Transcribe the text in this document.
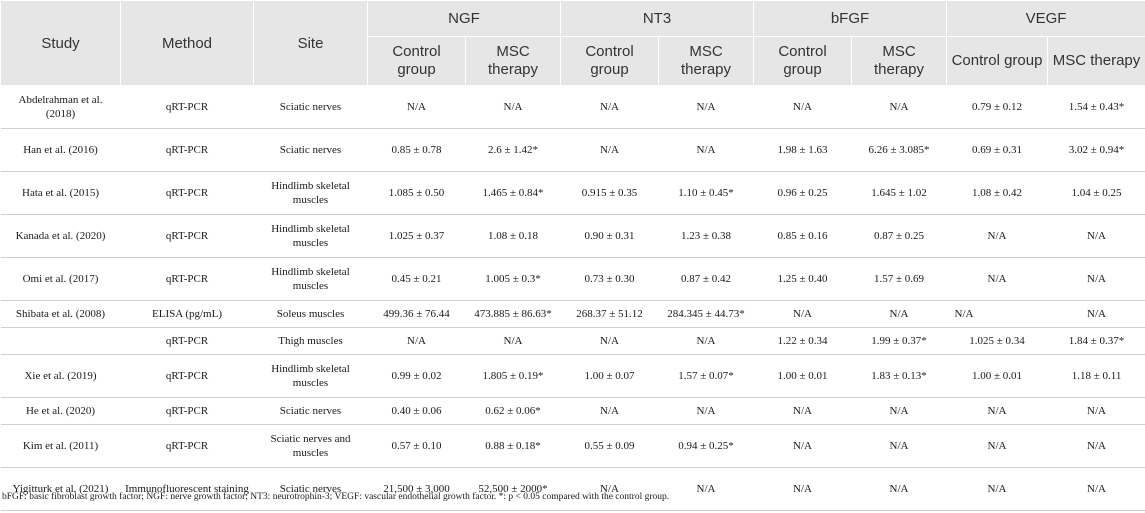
Study	Method	Site	NGF		NT3		bFGF		VEGF	
			Control group	MSC therapy	Control group	MSC therapy	Control group	MSC therapy	Control group	MSC therapy
Abdelrahman et al. (2018)	qRT-PCR	Sciatic nerves	N/A	N/A	N/A	N/A	N/A	N/A	0.79 ± 0.12	1.54 ± 0.43*
Han et al. (2016)	qRT-PCR	Sciatic nerves	0.85 ± 0.78	2.6 ± 1.42*	N/A	N/A	1.98 ± 1.63	6.26 ± 3.085*	0.69 ± 0.31	3.02 ± 0.94*
Hata et al. (2015)	qRT-PCR	Hindlimb skeletal muscles	1.085 ± 0.50	1.465 ± 0.84*	0.915 ± 0.35	1.10 ± 0.45*	0.96 ± 0.25	1.645 ± 1.02	1.08 ± 0.42	1.04 ± 0.25
Kanada et al. (2020)	qRT-PCR	Hindlimb skeletal muscles	1.025 ± 0.37	1.08 ± 0.18	0.90 ± 0.31	1.23 ± 0.38	0.85 ± 0.16	0.87 ± 0.25	N/A	N/A
Omi et al. (2017)	qRT-PCR	Hindlimb skeletal muscles	0.45 ± 0.21	1.005 ± 0.3*	0.73 ± 0.30	0.87 ± 0.42	1.25 ± 0.40	1.57 ± 0.69	N/A	N/A
Shibata et al. (2008)	ELISA (pg/mL)	Soleus muscles	499.36 ± 76.44	473.885 ± 86.63*	268.37 ± 51.12	284.345 ± 44.73*	N/A	N/A	N/A	N/A
	qRT-PCR	Thigh muscles	N/A	N/A	N/A	N/A	1.22 ± 0.34	1.99 ± 0.37*	1.025 ± 0.34	1.84 ± 0.37*
Xie et al. (2019)	qRT-PCR	Hindlimb skeletal muscles	0.99 ± 0.02	1.805 ± 0.19*	1.00 ± 0.07	1.57 ± 0.07*	1.00 ± 0.01	1.83 ± 0.13*	1.00 ± 0.01	1.18 ± 0.11
He et al. (2020)	qRT-PCR	Sciatic nerves	0.40 ± 0.06	0.62 ± 0.06*	N/A	N/A	N/A	N/A	N/A	N/A
Kim et al. (2011)	qRT-PCR	Sciatic nerves and muscles	0.57 ± 0.10	0.88 ± 0.18*	0.55 ± 0.09	0.94 ± 0.25*	N/A	N/A	N/A	N/A
Yigitturk et al. (2021)	Immunofluorescent staining	Sciatic nerves	21,500 ± 3,000	52,500 ± 2000*	N/A	N/A	N/A	N/A	N/A	N/A
bFGF: basic fibroblast growth factor; NGF: nerve growth factor; NT3: neurotrophin-3; VEGF: vascular endothelial growth factor. *: p < 0.05 compared with the control group.
